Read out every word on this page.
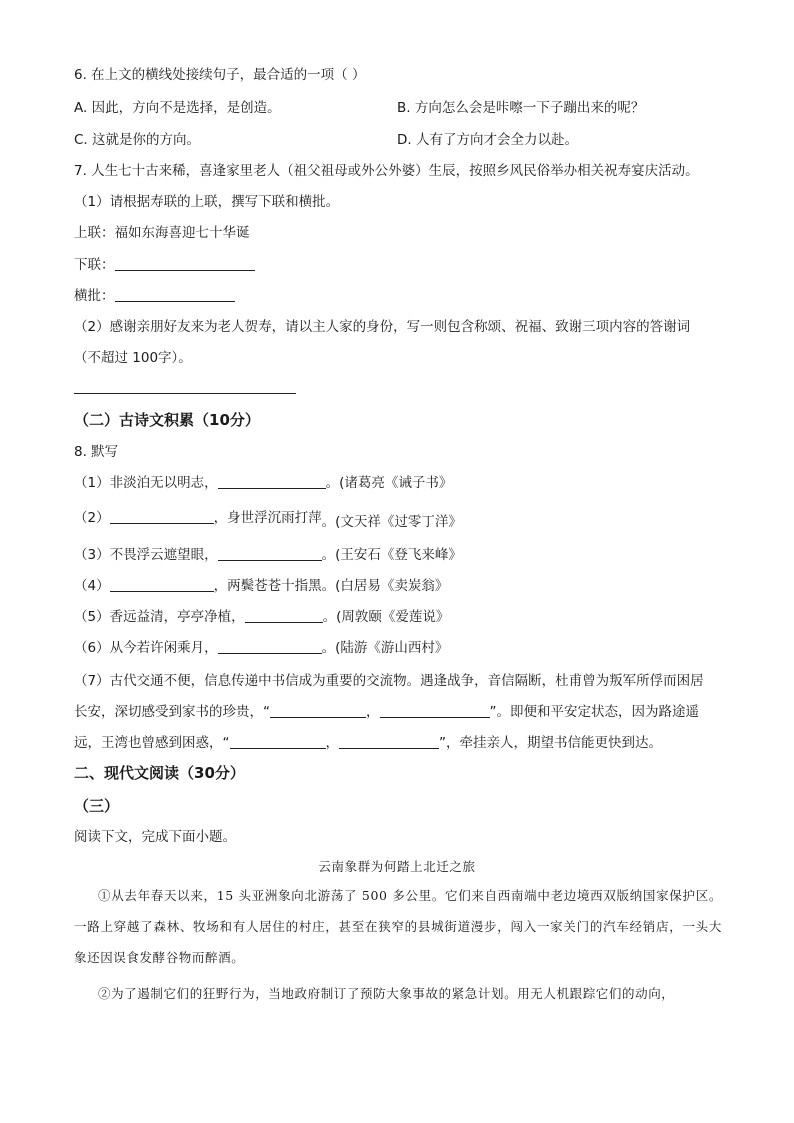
6. 在上文的横线处接续句子，最合适的一项（ ）
A. 因此，方向不是选择，是创造。	B. 方向怎么会是咔嚓一下子蹦出来的呢？
C. 这就是你的方向。	D. 人有了方向才会全力以赴。
7. 人生七十古来稀，喜逢家里老人（祖父祖母或外公外婆）生辰，按照乡风民俗举办相关祝寿宴庆活动。
（1）请根据寿联的上联，撰写下联和横批。
上联：福如东海喜迎七十华诞
下联：
横批：
（2）感谢亲朋好友来为老人贺寿，请以主人家的身份，写一则包含称颂、祝福、致谢三项内容的答谢词
（不超过 100字）。
（二）古诗文积累（10分）
8. 默写
（1）非淡泊无以明志，	。(诸葛亮《诫子书》
（2）	，身世浮沉雨打萍。(文天祥《过零丁洋》
（3）不畏浮云遮望眼，	。(王安石《登飞来峰》
（4）	，两鬓苍苍十指黑。(白居易《卖炭翁》
（5）香远益清，亭亭净植，	。(周敦颐《爱莲说》
（6）从今若许闲乘月，	。(陆游《游山西村》
（7）古代交通不便，信息传递中书信成为重要的交流物。遇逢战争，音信隔断，杜甫曾为叛军所俘而困居
长安，深切感受到家书的珍贵，“	，	”。即便和平安定状态，因为路途遥
远，王湾也曾感到困惑，“	，	”，牵挂亲人，期望书信能更快到达。
二、现代文阅读（30分）
（三）
阅读下文，完成下面小题。
云南象群为何踏上北迁之旅
①从去年春天以来，15 头亚洲象向北游荡了 500 多公里。它们来自西南端中老边境西双版纳国家保护区。一路上穿越了森林、牧场和有人居住的村庄，甚至在狭窄的县城街道漫步，闯入一家关门的汽车经销店，一头大象还因误食发酵谷物而醉酒。
②为了遏制它们的狂野行为，当地政府制订了预防大象事故的紧急计划。用无人机跟踪它们的动向，
